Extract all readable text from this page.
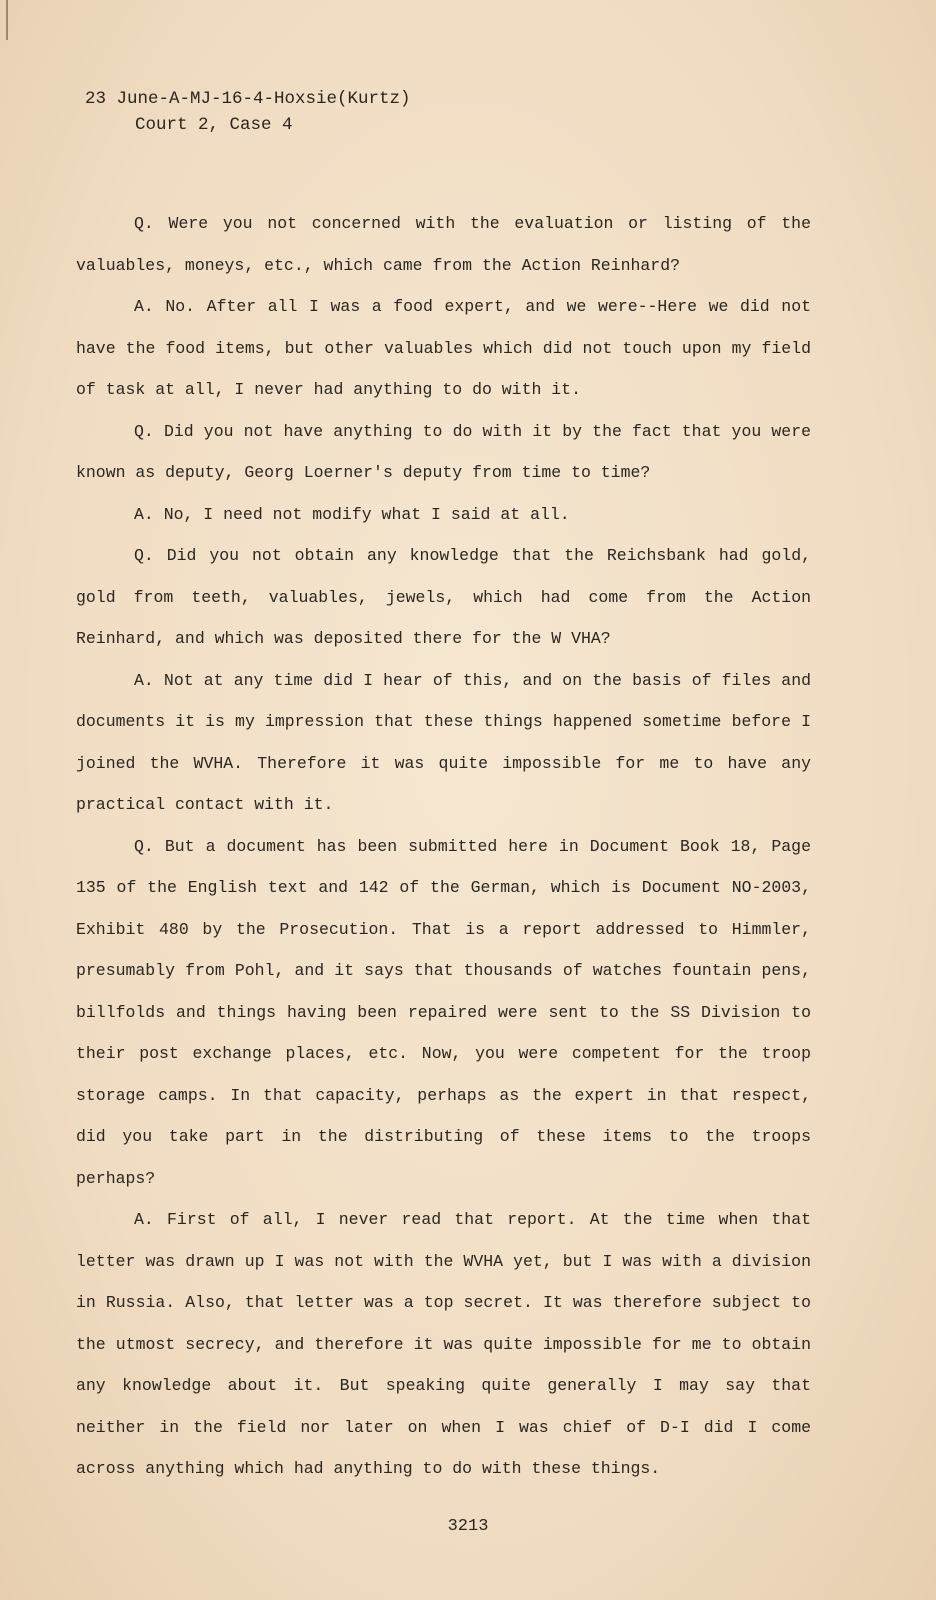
23 June-A-MJ-16-4-Hoxsie(Kurtz)
Court 2, Case 4

Q. Were you not concerned with the evaluation or listing of the valuables, moneys, etc., which came from the Action Reinhard?

A. No. After all I was a food expert, and we were--Here we did not have the food items, but other valuables which did not touch upon my field of task at all, I never had anything to do with it.

Q. Did you not have anything to do with it by the fact that you were known as deputy, Georg Loerner's deputy from time to time?

A. No, I need not modify what I said at all.

Q. Did you not obtain any knowledge that the Reichsbank had gold, gold from teeth, valuables, jewels, which had come from the Action Reinhard, and which was deposited there for the W VHA?

A. Not at any time did I hear of this, and on the basis of files and documents it is my impression that these things happened sometime before I joined the WVHA. Therefore it was quite impossible for me to have any practical contact with it.

Q. But a document has been submitted here in Document Book 18, Page 135 of the English text and 142 of the German, which is Document NO-2003, Exhibit 480 by the Prosecution. That is a report addressed to Himmler, presumably from Pohl, and it says that thousands of watches fountain pens, billfolds and things having been repaired were sent to the SS Division to their post exchange places, etc. Now, you were competent for the troop storage camps. In that capacity, perhaps as the expert in that respect, did you take part in the distributing of these items to the troops perhaps?

A. First of all, I never read that report. At the time when that letter was drawn up I was not with the WVHA yet, but I was with a division in Russia. Also, that letter was a top secret. It was therefore subject to the utmost secrecy, and therefore it was quite impossible for me to obtain any knowledge about it. But speaking quite generally I may say that neither in the field nor later on when I was chief of D-I did I come across anything which had anything to do with these things.

3213
